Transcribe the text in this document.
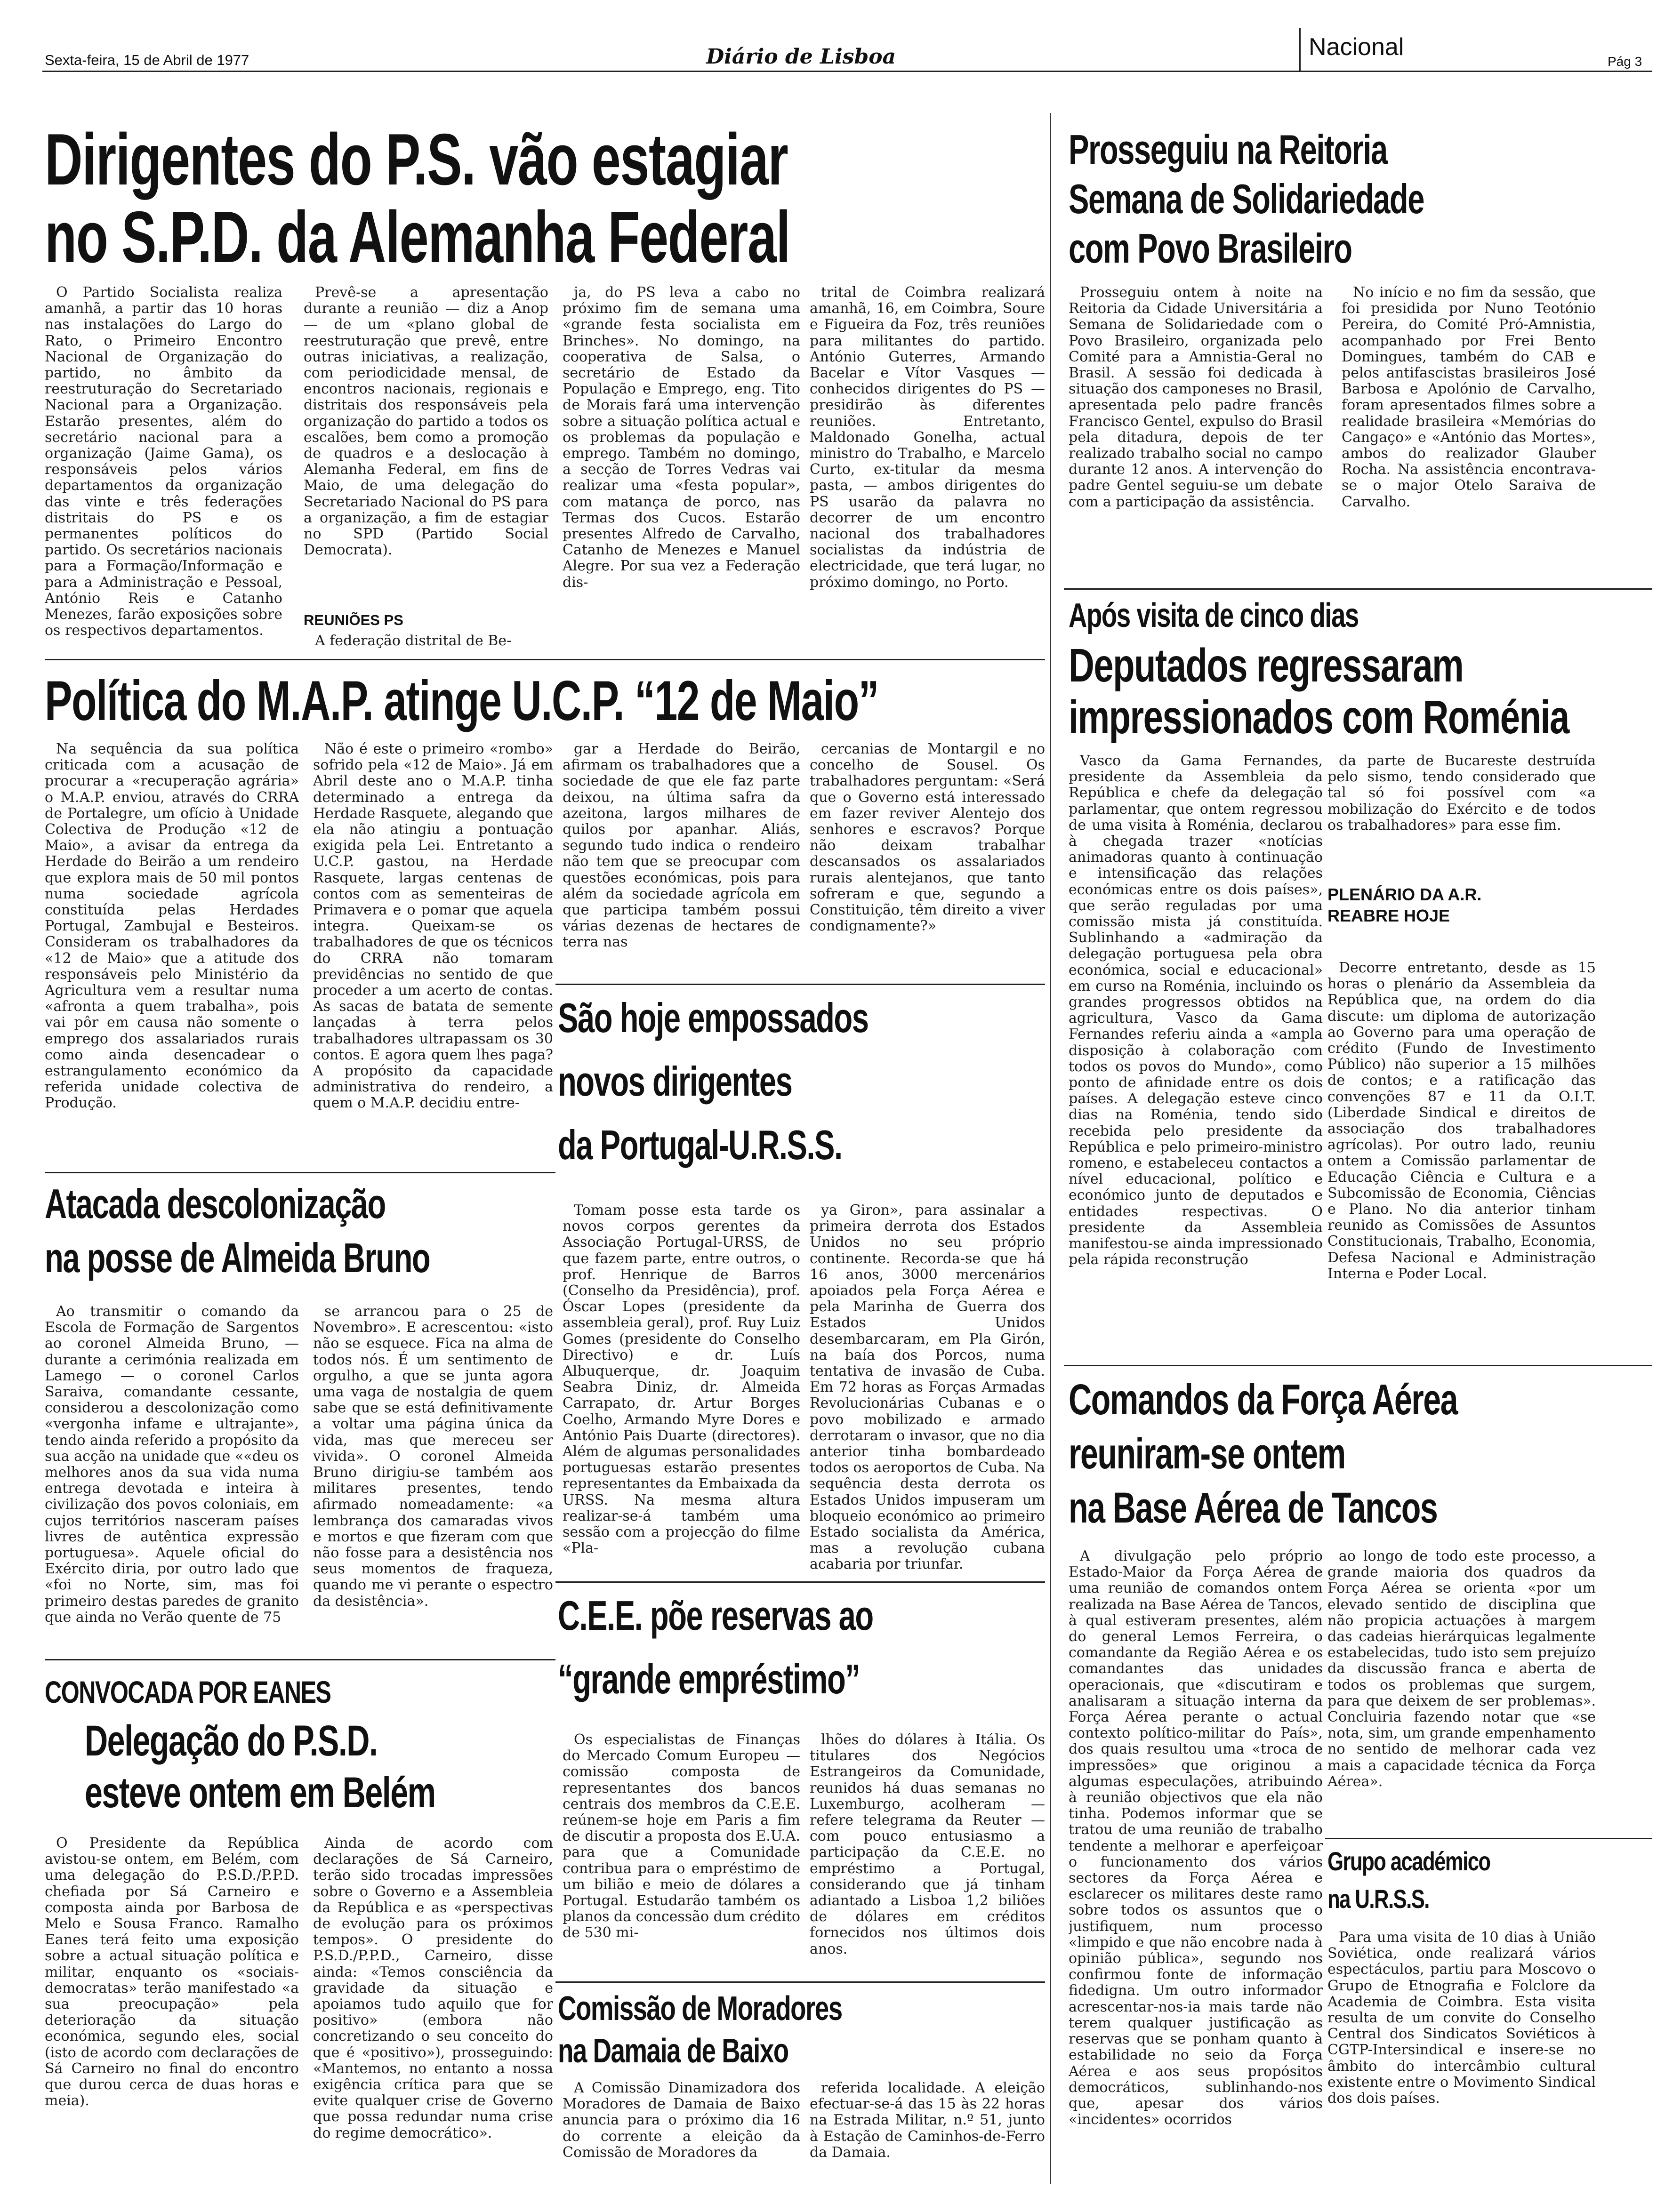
Sexta-feira, 15 de Abril de 1977	Diário de Lisboa	Nacional
Pág 3
Dirigentes do P.S. vão estagiar
no S.P.D. da Alemanha Federal

O Partido Socialista realiza amanhã, a partir das 10 horas nas instalações do Largo do Rato, o Primeiro Encontro Nacional de Organização do partido, no âmbito da reestruturação do Secretariado Nacional para a Organização. Estarão presentes, além do secretário nacional para a organização (Jaime Gama), os responsáveis pelos vários departamentos da organização das vinte e três federações distritais do PS e os permanentes políticos do partido. Os secretários nacionais para a Formação/Informação e para a Administração e Pessoal, António Reis e Catanho Menezes, farão exposições sobre os respectivos departamentos.

Prevê-se a apresentação durante a reunião — diz a Anop — de um «plano global de reestruturação que prevê, entre outras iniciativas, a realização, com periodicidade mensal, de encontros nacionais, regionais e distritais dos responsáveis pela organização do partido a todos os escalões, bem como a promoção de quadros e a deslocação à Alemanha Federal, em fins de Maio, de uma delegação do Secretariado Nacional do PS para a organização, a fim de estagiar no SPD (Partido Social Democrata).

REUNIÕES PS

A federação distrital de Be-

ja, do PS leva a cabo no próximo fim de semana uma «grande festa socialista em Brinches». No domingo, na cooperativa de Salsa, o secretário de Estado da População e Emprego, eng. Tito de Morais fará uma intervenção sobre a situação política actual e os problemas da população e emprego. Também no domingo, a secção de Torres Vedras vai realizar uma «festa popular», com matança de porco, nas Termas dos Cucos. Estarão presentes Alfredo de Carvalho, Catanho de Menezes e Manuel Alegre. Por sua vez a Federação dis-

trital de Coimbra realizará amanhã, 16, em Coimbra, Soure e Figueira da Foz, três reuniões para militantes do partido. António Guterres, Armando Bacelar e Vítor Vasques — conhecidos dirigentes do PS — presidirão às diferentes reuniões. Entretanto, Maldonado Gonelha, actual ministro do Trabalho, e Marcelo Curto, ex-titular da mesma pasta, — ambos dirigentes do PS usarão da palavra no decorrer de um encontro nacional dos trabalhadores socialistas da indústria de electricidade, que terá lugar, no próximo domingo, no Porto.

Prosseguiu na Reitoria
Semana de Solidariedade
com Povo Brasileiro

Prosseguiu ontem à noite na Reitoria da Cidade Universitária a Semana de Solidariedade com o Povo Brasileiro, organizada pelo Comité para a Amnistia-Geral no Brasil. A sessão foi dedicada à situação dos camponeses no Brasil, apresentada pelo padre francês Francisco Gentel, expulso do Brasil pela ditadura, depois de ter realizado trabalho social no campo durante 12 anos. A intervenção do padre Gentel seguiu-se um debate com a participação da assistência.

No início e no fim da sessão, que foi presidida por Nuno Teotónio Pereira, do Comité Pró-Amnistia, acompanhado por Frei Bento Domingues, também do CAB e pelos antifascistas brasileiros José Barbosa e Apolónio de Carvalho, foram apresentados filmes sobre a realidade brasileira «Memórias do Cangaço» e «António das Mortes», ambos do realizador Glauber Rocha. Na assistência encontrava-se o major Otelo Saraiva de Carvalho.

Após visita de cinco dias
Deputados regressaram
impressionados com Roménia

Vasco da Gama Fernandes, presidente da Assembleia da República e chefe da delegação parlamentar, que ontem regressou de uma visita à Roménia, declarou à chegada trazer «notícias animadoras quanto à continuação e intensificação das relações económicas entre os dois países», que serão reguladas por uma comissão mista já constituída. Sublinhando a «admiração da delegação portuguesa pela obra económica, social e educacional» em curso na Roménia, incluindo os grandes progressos obtidos na agricultura, Vasco da Gama Fernandes referiu ainda a «ampla disposição à colaboração com todos os povos do Mundo», como ponto de afinidade entre os dois países. A delegação esteve cinco dias na Roménia, tendo sido recebida pelo presidente da República e pelo primeiro-ministro romeno, e estabeleceu contactos a nível educacional, político e económico junto de deputados e entidades respectivas. O presidente da Assembleia manifestou-se ainda impressionado pela rápida reconstrução

da parte de Bucareste destruída pelo sismo, tendo considerado que tal só foi possível com «a mobilização do Exército e de todos os trabalhadores» para esse fim.

PLENÁRIO DA A.R.
REABRE HOJE

Decorre entretanto, desde as 15 horas o plenário da Assembleia da República que, na ordem do dia discute: um diploma de autorização ao Governo para uma operação de crédito (Fundo de Investimento Público) não superior a 15 milhões de contos; e a ratificação das convenções 87 e 11 da O.I.T. (Liberdade Sindical e direitos de associação dos trabalhadores agrícolas). Por outro lado, reuniu ontem a Comissão parlamentar de Educação Ciência e Cultura e a Subcomissão de Economia, Ciências e Plano. No dia anterior tinham reunido as Comissões de Assuntos Constitucionais, Trabalho, Economia, Defesa Nacional e Administração Interna e Poder Local.

Política do M.A.P. atinge U.C.P. “12 de Maio”

Na sequência da sua política criticada com a acusação de procurar a «recuperação agrária» o M.A.P. enviou, através do CRRA de Portalegre, um ofício à Unidade Colectiva de Produção «12 de Maio», a avisar da entrega da Herdade do Beirão a um rendeiro que explora mais de 50 mil pontos numa sociedade agrícola constituída pelas Herdades Portugal, Zambujal e Besteiros. Consideram os trabalhadores da «12 de Maio» que a atitude dos responsáveis pelo Ministério da Agricultura vem a resultar numa «afronta a quem trabalha», pois vai pôr em causa não somente o emprego dos assalariados rurais como ainda desencadear o estrangulamento económico da referida unidade colectiva de Produção.

Não é este o primeiro «rombo» sofrido pela «12 de Maio». Já em Abril deste ano o M.A.P. tinha determinado a entrega da Herdade Rasquete, alegando que ela não atingiu a pontuação exigida pela Lei. Entretanto a U.C.P. gastou, na Herdade Rasquete, largas centenas de contos com as sementeiras de Primavera e o pomar que aquela integra. Queixam-se os trabalhadores de que os técnicos do CRRA não tomaram previdências no sentido de que proceder a um acerto de contas. As sacas de batata de semente lançadas à terra pelos trabalhadores ultrapassam os 30 contos. E agora quem lhes paga? A propósito da capacidade administrativa do rendeiro, a quem o M.A.P. decidiu entre-

gar a Herdade do Beirão, afirmam os trabalhadores que a sociedade de que ele faz parte deixou, na última safra da azeitona, largos milhares de quilos por apanhar. Aliás, segundo tudo indica o rendeiro não tem que se preocupar com questões económicas, pois para além da sociedade agrícola em que participa também possui várias dezenas de hectares de terra nas

cercanias de Montargil e no concelho de Sousel. Os trabalhadores perguntam: «Será que o Governo está interessado em fazer reviver Alentejo dos senhores e escravos? Porque não deixam trabalhar descansados os assalariados rurais alentejanos, que tanto sofreram e que, segundo a Constituição, têm direito a viver condignamente?»

São hoje empossados
novos dirigentes
da Portugal-U.R.S.S.

Tomam posse esta tarde os novos corpos gerentes da Associação Portugal-URSS, de que fazem parte, entre outros, o prof. Henrique de Barros (Conselho da Presidência), prof. Óscar Lopes (presidente da assembleia geral), prof. Ruy Luiz Gomes (presidente do Conselho Directivo) e dr. Luís Albuquerque, dr. Joaquim Seabra Diniz, dr. Almeida Carrapato, dr. Artur Borges Coelho, Armando Myre Dores e António Pais Duarte (directores). Além de algumas personalidades portuguesas estarão presentes representantes da Embaixada da URSS. Na mesma altura realizar-se-á também uma sessão com a projecção do filme «Pla-

ya Giron», para assinalar a primeira derrota dos Estados Unidos no seu próprio continente. Recorda-se que há 16 anos, 3000 mercenários apoiados pela Força Aérea e pela Marinha de Guerra dos Estados Unidos desembarcaram, em Pla Girón, na baía dos Porcos, numa tentativa de invasão de Cuba. Em 72 horas as Forças Armadas Revolucionárias Cubanas e o povo mobilizado e armado derrotaram o invasor, que no dia anterior tinha bombardeado todos os aeroportos de Cuba. Na sequência desta derrota os Estados Unidos impuseram um bloqueio económico ao primeiro Estado socialista da América, mas a revolução cubana acabaria por triunfar.

Atacada descolonização
na posse de Almeida Bruno

Ao transmitir o comando da Escola de Formação de Sargentos ao coronel Almeida Bruno, — durante a cerimónia realizada em Lamego — o coronel Carlos Saraiva, comandante cessante, considerou a descolonização como «vergonha infame e ultrajante», tendo ainda referido a propósito da sua acção na unidade que ««deu os melhores anos da sua vida numa entrega devotada e inteira à civilização dos povos coloniais, em cujos territórios nasceram países livres de autêntica expressão portuguesa». Aquele oficial do Exército diria, por outro lado que «foi no Norte, sim, mas foi primeiro destas paredes de granito que ainda no Verão quente de 75

se arrancou para o 25 de Novembro». E acrescentou: «isto não se esquece. Fica na alma de todos nós. É um sentimento de orgulho, a que se junta agora uma vaga de nostalgia de quem sabe que se está definitivamente a voltar uma página única da vida, mas que mereceu ser vivida». O coronel Almeida Bruno dirigiu-se também aos militares presentes, tendo afirmado nomeadamente: «a lembrança dos camaradas vivos e mortos e que fizeram com que não fosse para a desistência nos seus momentos de fraqueza, quando me vi perante o espectro da desistência».	C.E.E. põe reservas ao
“grande empréstimo”

Os especialistas de Finanças do Mercado Comum Europeu — comissão composta de representantes dos bancos centrais dos membros da C.E.E. reúnem-se hoje em Paris a fim de discutir a proposta dos E.U.A. para que a Comunidade contribua para o empréstimo de um bilião e meio de dólares a Portugal. Estudarão também os planos da concessão dum crédito de 530 mi-

lhões do dólares à Itália. Os titulares dos Negócios Estrangeiros da Comunidade, reunidos há duas semanas no Luxemburgo, acolheram — refere telegrama da Reuter — com pouco entusiasmo a participação da C.E.E. no empréstimo a Portugal, considerando que já tinham adiantado a Lisboa 1,2 biliões de dólares em créditos fornecidos nos últimos dois anos.

CONVOCADA POR EANES
Delegação do P.S.D.
esteve ontem em Belém

O Presidente da República avistou-se ontem, em Belém, com uma delegação do P.S.D./P.P.D. chefiada por Sá Carneiro e composta ainda por Barbosa de Melo e Sousa Franco. Ramalho Eanes terá feito uma exposição sobre a actual situação política e militar, enquanto os «sociais-democratas» terão manifestado «a sua preocupação» pela deterioração da situação económica, segundo eles, social (isto de acordo com declarações de Sá Carneiro no final do encontro que durou cerca de duas horas e meia).

Ainda de acordo com declarações de Sá Carneiro, terão sido trocadas impressões sobre o Governo e a Assembleia da República e as «perspectivas de evolução para os próximos tempos». O presidente do P.S.D./P.P.D., Carneiro, disse ainda: «Temos consciência da gravidade da situação e apoiamos tudo aquilo que for positivo» (embora não concretizando o seu conceito do que é «positivo»), prosseguindo: «Mantemos, no entanto a nossa exigência crítica para que se evite qualquer crise de Governo que possa redundar numa crise do regime democrático».

Comissão de Moradores
na Damaia de Baixo

A Comissão Dinamizadora dos Moradores de Damaia de Baixo anuncia para o próximo dia 16 do corrente a eleição da Comissão de Moradores da

referida localidade. A eleição efectuar-se-á das 15 às 22 horas na Estrada Militar, n.º 51, junto à Estação de Caminhos-de-Ferro da Damaia.

Comandos da Força Aérea
reuniram-se ontem
na Base Aérea de Tancos

A divulgação pelo próprio Estado-Maior da Força Aérea de uma reunião de comandos ontem realizada na Base Aérea de Tancos, à qual estiveram presentes, além do general Lemos Ferreira, o comandante da Região Aérea e os comandantes das unidades operacionais, que «discutiram e analisaram a situação interna da Força Aérea perante o actual contexto político-militar do País», dos quais resultou uma «troca de impressões» que originou a algumas especulações, atribuindo à reunião objectivos que ela não tinha. Podemos informar que se tratou de uma reunião de trabalho tendente a melhorar e aperfeiçoar o funcionamento dos vários sectores da Força Aérea e esclarecer os militares deste ramo sobre todos os assuntos que o justifiquem, num processo «limpido e que não encobre nada à opinião pública», segundo nos confirmou fonte de informação fidedigna. Um outro informador acrescentar-nos-ia mais tarde não terem qualquer justificação as reservas que se ponham quanto à estabilidade no seio da Força Aérea e aos seus propósitos democráticos, sublinhando-nos que, apesar dos vários «incidentes» ocorridos

ao longo de todo este processo, a grande maioria dos quadros da Força Aérea se orienta «por um elevado sentido de disciplina que não propicia actuações à margem das cadeias hierárquicas legalmente estabelecidas, tudo isto sem prejuízo da discussão franca e aberta de todos os problemas que surgem, para que deixem de ser problemas». Concluiria fazendo notar que «se nota, sim, um grande empenhamento no sentido de melhorar cada vez mais a capacidade técnica da Força Aérea».

Grupo académico
na U.R.S.S.

Para uma visita de 10 dias à União Soviética, onde realizará vários espectáculos, partiu para Moscovo o Grupo de Etnografia e Folclore da Academia de Coimbra. Esta visita resulta de um convite do Conselho Central dos Sindicatos Soviéticos à CGTP-Intersindical e insere-se no âmbito do intercâmbio cultural existente entre o Movimento Sindical dos dois países.
